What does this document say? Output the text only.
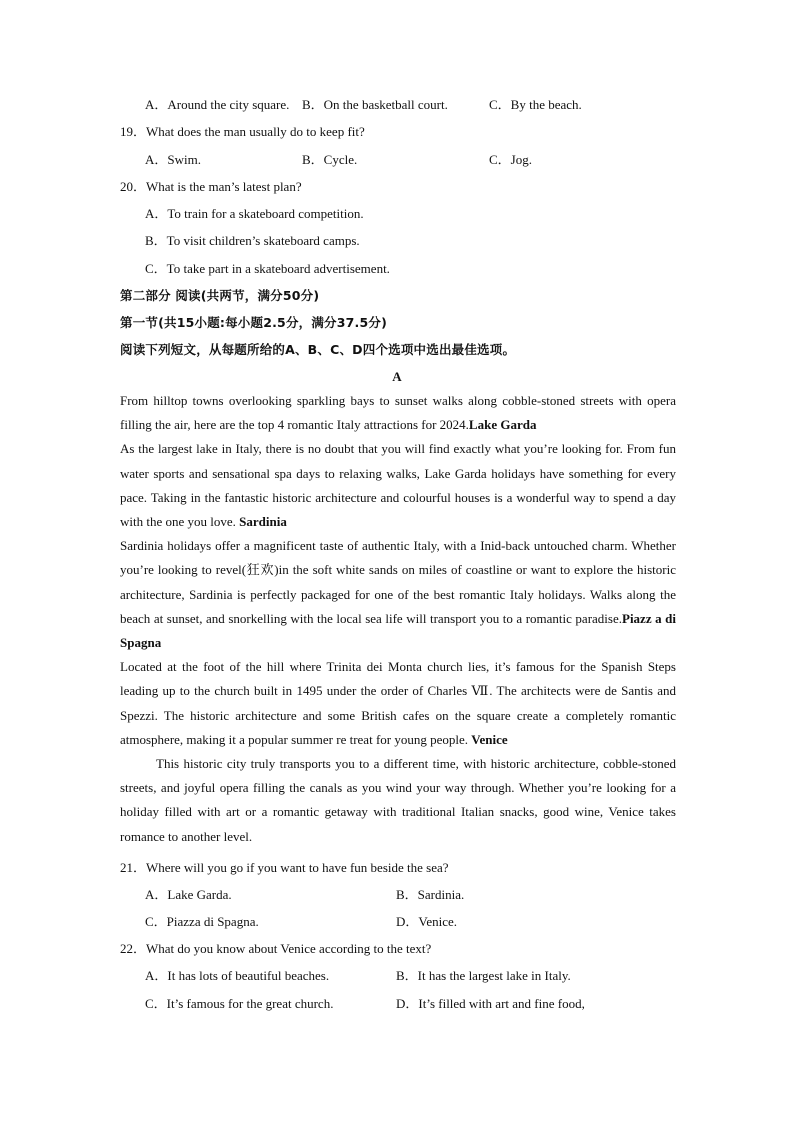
A．Around the city square. B．On the basketball court.	C．By the beach.
19．What does the man usually do to keep fit?
A．Swim.	B．Cycle.	C．Jog.
20．What is the man’s latest plan?
A．To train for a skateboard competition.
B．To visit children’s skateboard camps.
C．To take part in a skateboard advertisement.
第二部分 阅读(共两节，满分50分)
第一节(共15小题:每小题2.5分，满分37.5分)
阅读下列短文，从每题所给的A、B、C、D四个选项中选出最佳选项。
A
From hilltop towns overlooking sparkling bays to sunset walks along cobble-stoned streets with opera filling the air, here are the top 4 romantic Italy attractions for 2024.Lake Garda
As the largest lake in Italy, there is no doubt that you will find exactly what you’re looking for. From fun water sports and sensational spa days to relaxing walks, Lake Garda holidays have something for every pace. Taking in the fantastic historic architecture and colourful houses is a wonderful way to spend a day with the one you love. Sardinia
Sardinia holidays offer a magnificent taste of authentic Italy, with a Inid-back untouched charm. Whether you’re looking to revel(狂欢)in the soft white sands on miles of coastline or want to explore the historic architecture, Sardinia is perfectly packaged for one of the best romantic Italy holidays. Walks along the beach at sunset, and snorkelling with the local sea life will transport you to a romantic paradise.Piazz a di Spagna
Located at the foot of the hill where Trinita dei Monta church lies, it’s famous for the Spanish Steps leading up to the church built in 1495 under the order of Charles Ⅶ. The architects were de Santis and Spezzi. The historic architecture and some British cafes on the square create a completely romantic atmosphere, making it a popular summer re treat for young people. Venice
This historic city truly transports you to a different time, with historic architecture, cobble-stoned streets, and joyful opera filling the canals as you wind your way through. Whether you’re looking for a holiday filled with art or a romantic getaway with traditional Italian snacks, good wine, Venice takes romance to another level.
21．Where will you go if you want to have fun beside the sea?
A．Lake Garda.	B．Sardinia.
C．Piazza di Spagna.	D．Venice.
22．What do you know about Venice according to the text?
A．It has lots of beautiful beaches.	B．It has the largest lake in Italy.
C．It’s famous for the great church.	D．It’s filled with art and fine food,
